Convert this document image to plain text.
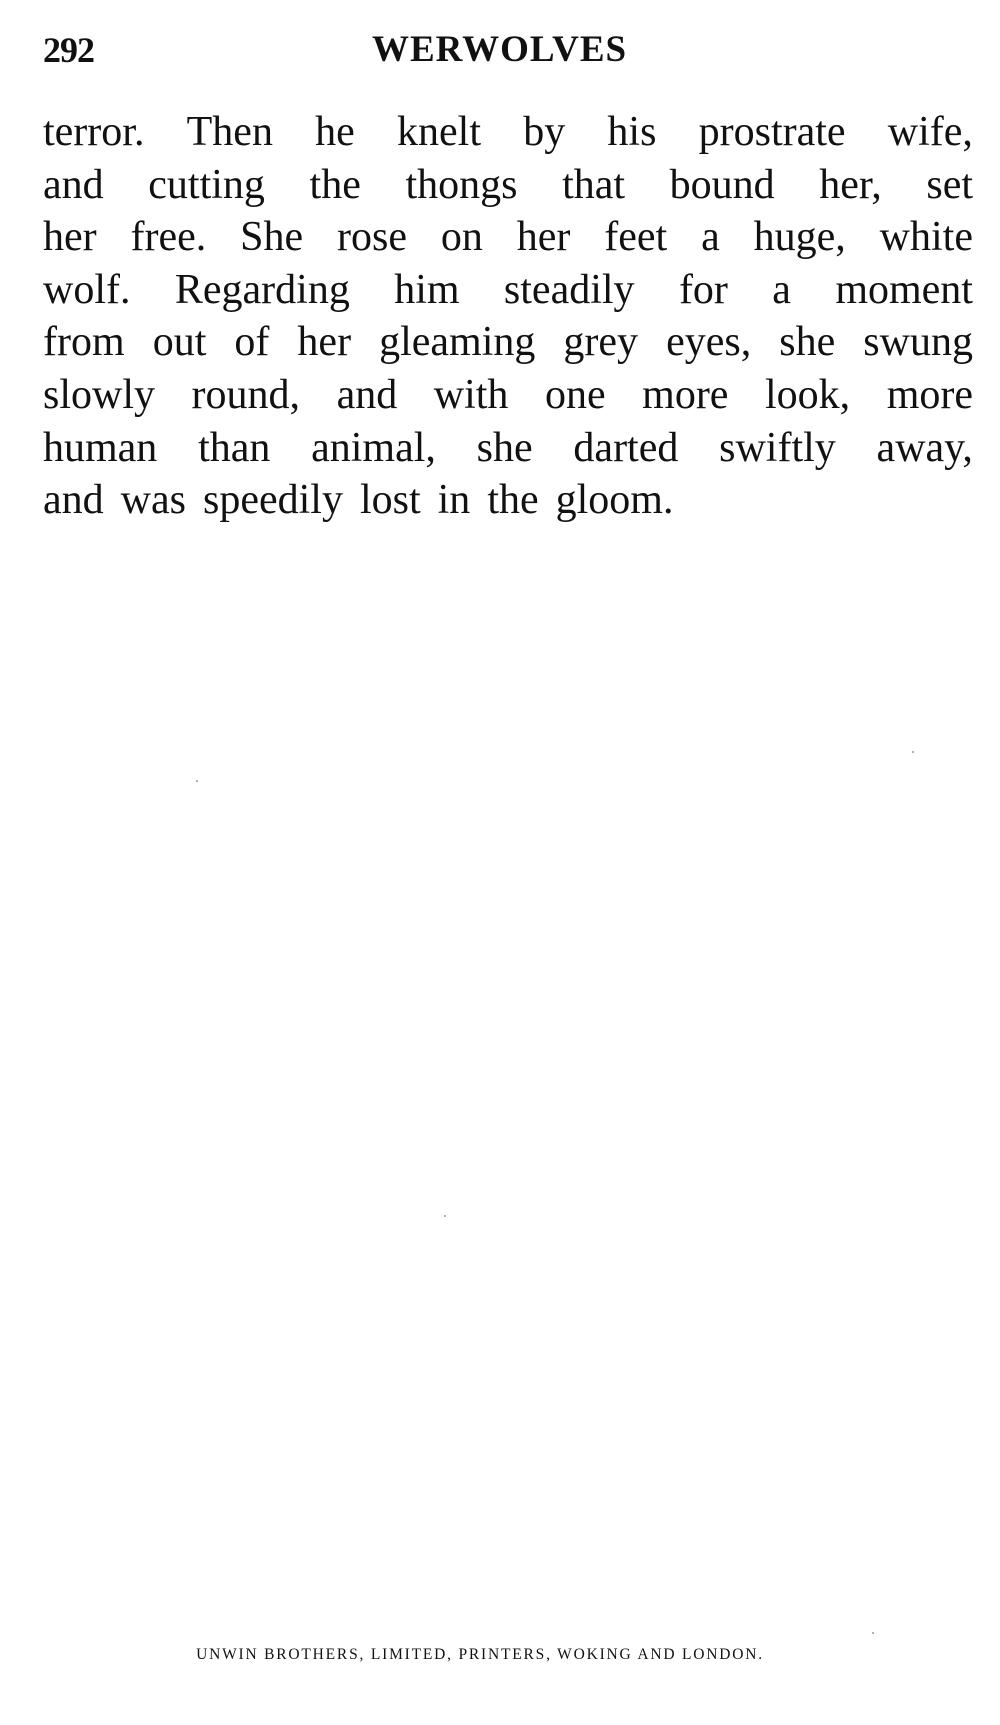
292	WERWOLVES
terror. Then he knelt by his prostrate wife,
and cutting the thongs that bound her, set
her free. She rose on her feet a huge, white
wolf. Regarding him steadily for a moment
from out of her gleaming grey eyes, she swung
slowly round, and with one more look, more
human than animal, she darted swiftly away,
and was speedily lost in the gloom.
UNWIN BROTHERS, LIMITED, PRINTERS, WOKING AND LONDON.
